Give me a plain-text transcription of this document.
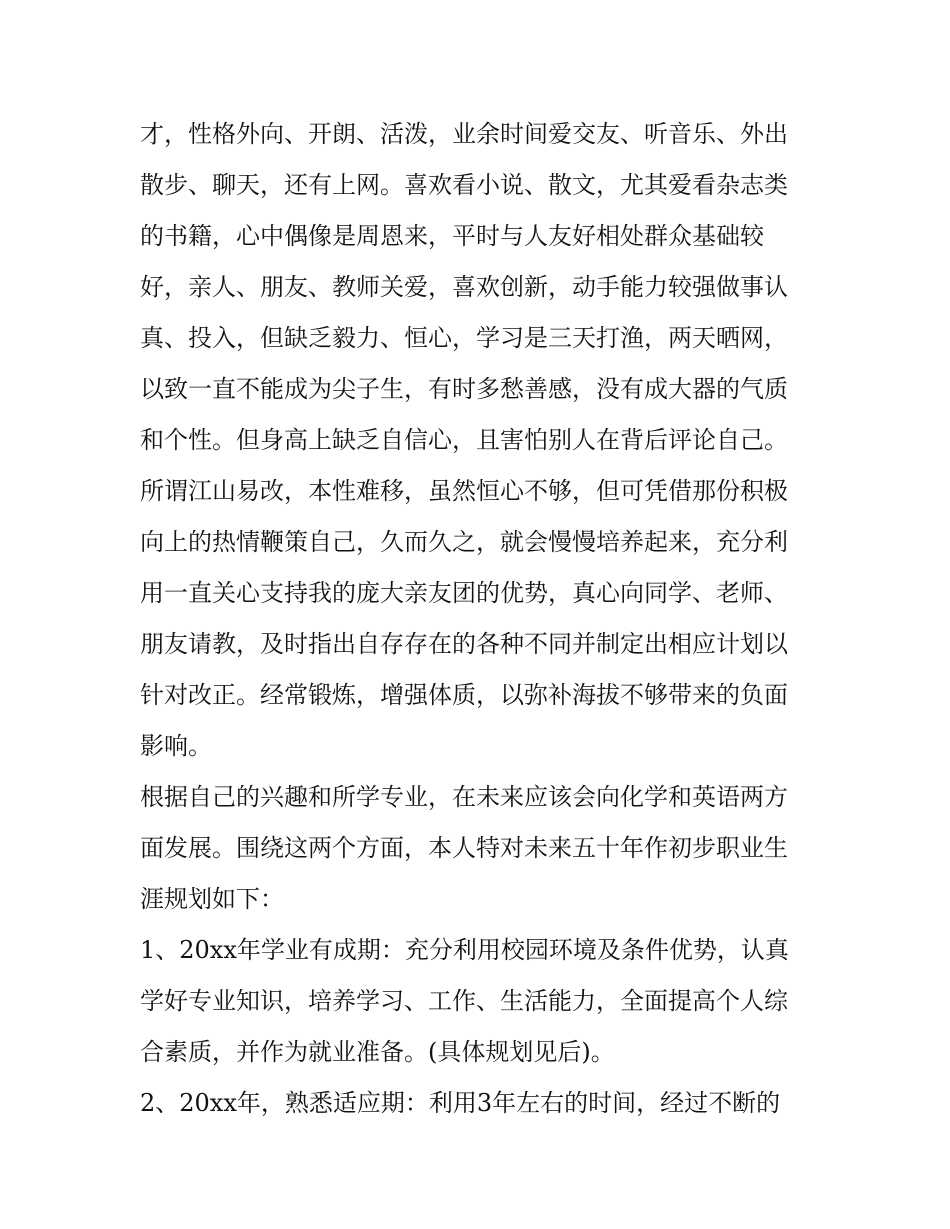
才，性格外向、开朗、活泼，业余时间爱交友、听音乐、外出
散步、聊天，还有上网。喜欢看小说、散文，尤其爱看杂志类
的书籍，心中偶像是周恩来，平时与人友好相处群众基础较
好，亲人、朋友、教师关爱，喜欢创新，动手能力较强做事认
真、投入，但缺乏毅力、恒心，学习是三天打渔，两天晒网，
以致一直不能成为尖子生，有时多愁善感，没有成大器的气质
和个性。但身高上缺乏自信心，且害怕别人在背后评论自己。
所谓江山易改，本性难移，虽然恒心不够，但可凭借那份积极
向上的热情鞭策自己，久而久之，就会慢慢培养起来，充分利
用一直关心支持我的庞大亲友团的优势，真心向同学、老师、
朋友请教，及时指出自存存在的各种不同并制定出相应计划以
针对改正。经常锻炼，增强体质，以弥补海拔不够带来的负面
影响。
根据自己的兴趣和所学专业，在未来应该会向化学和英语两方
面发展。围绕这两个方面，本人特对未来五十年作初步职业生
涯规划如下：
1、20xx年学业有成期：充分利用校园环境及条件优势，认真
学好专业知识，培养学习、工作、生活能力，全面提高个人综
合素质，并作为就业准备。(具体规划见后)。
2、20xx年，熟悉适应期：利用3年左右的时间，经过不断的
